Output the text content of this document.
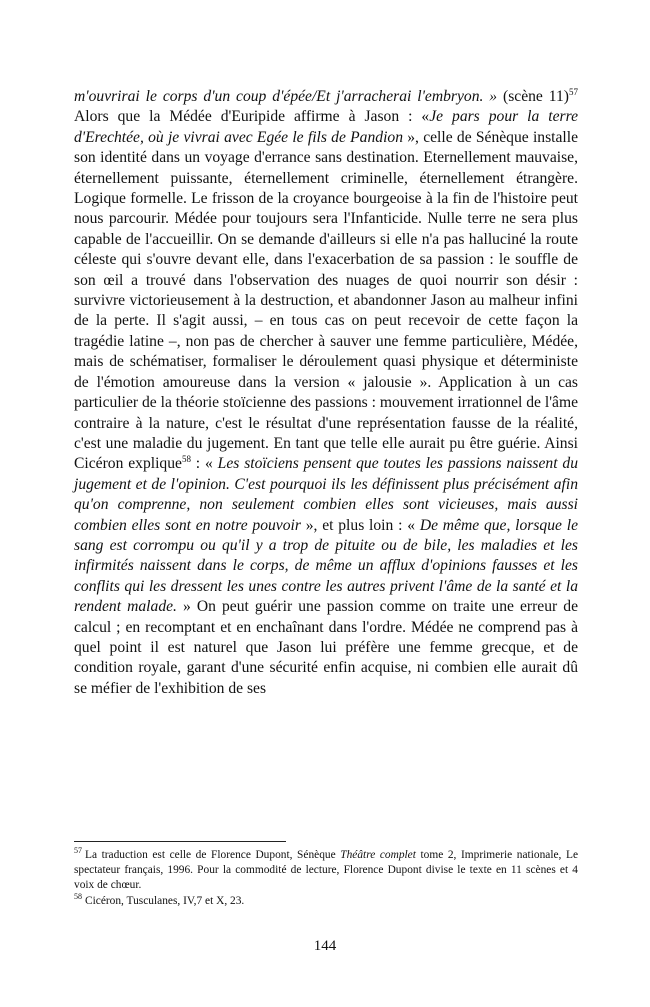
m'ouvrirai le corps d'un coup d'épée/Et j'arracherai l'embryon. » (scène 11)$^{57}$ Alors que la Médée d'Euripide affirme à Jason : «Je pars pour la terre d'Erechtée, où je vivrai avec Egée le fils de Pandion », celle de Sénèque installe son identité dans un voyage d'errance sans destination. Eternellement mauvaise, éternellement puissante, éternellement criminelle, éternellement étrangère. Logique formelle. Le frisson de la croyance bourgeoise à la fin de l'histoire peut nous parcourir. Médée pour toujours sera l'Infanticide. Nulle terre ne sera plus capable de l'accueillir. On se demande d'ailleurs si elle n'a pas halluciné la route céleste qui s'ouvre devant elle, dans l'exacerbation de sa passion : le souffle de son œil a trouvé dans l'observation des nuages de quoi nourrir son désir : survivre victorieusement à la destruction, et abandonner Jason au malheur infini de la perte. Il s'agit aussi, – en tous cas on peut recevoir de cette façon la tragédie latine –, non pas de chercher à sauver une femme particulière, Médée, mais de schématiser, formaliser le déroulement quasi physique et déterministe de l'émotion amoureuse dans la version « jalousie ». Application à un cas particulier de la théorie stoïcienne des passions : mouvement irrationnel de l'âme contraire à la nature, c'est le résultat d'une représentation fausse de la réalité, c'est une maladie du jugement. En tant que telle elle aurait pu être guérie. Ainsi Cicéron explique$^{58}$ : « Les stoïciens pensent que toutes les passions naissent du jugement et de l'opinion. C'est pourquoi ils les définissent plus précisément afin qu'on comprenne, non seulement combien elles sont vicieuses, mais aussi combien elles sont en notre pouvoir », et plus loin : « De même que, lorsque le sang est corrompu ou qu'il y a trop de pituite ou de bile, les maladies et les infirmités naissent dans le corps, de même un afflux d'opinions fausses et les conflits qui les dressent les unes contre les autres privent l'âme de la santé et la rendent malade. » On peut guérir une passion comme on traite une erreur de calcul ; en recomptant et en enchaînant dans l'ordre. Médée ne comprend pas à quel point il est naturel que Jason lui préfère une femme grecque, et de condition royale, garant d'une sécurité enfin acquise, ni combien elle aurait dû se méfier de l'exhibition de ses

$^{57}$ La traduction est celle de Florence Dupont, Sénèque Théâtre complet tome 2, Imprimerie nationale, Le spectateur français, 1996. Pour la commodité de lecture, Florence Dupont divise le texte en 11 scènes et 4 voix de chœur.

$^{58}$ Cicéron, Tusculanes, IV,7 et X, 23.

144
